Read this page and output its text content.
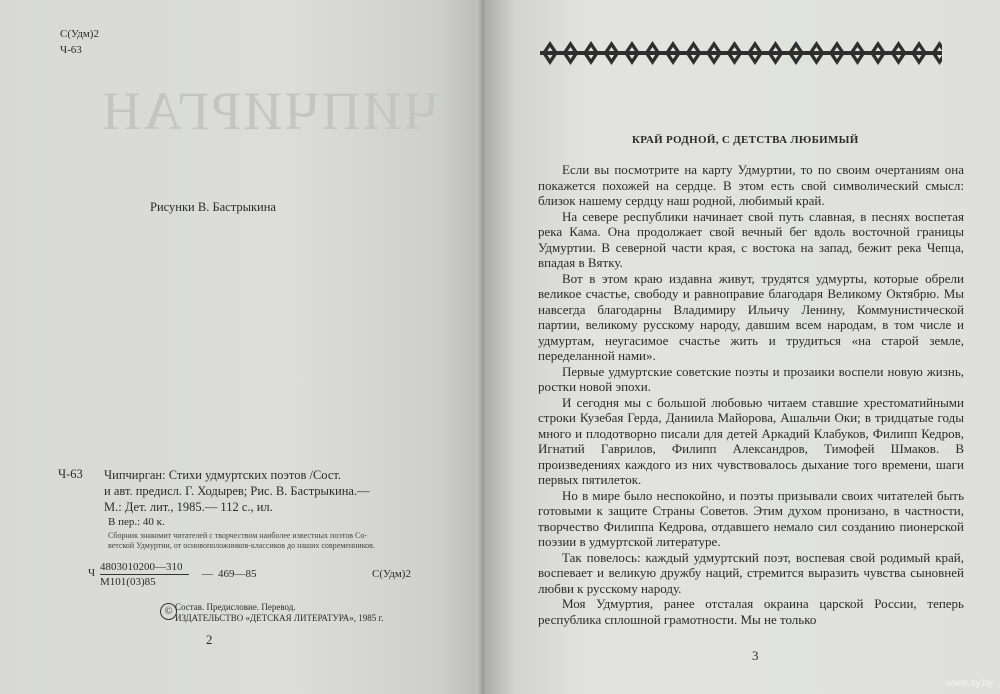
ЧИПЧИРГАН
С(Удм)2
Ч-63
Рисунки В. Бастрыкина
Ч-63 Чипчирган: Стихи удмуртских поэтов /Сост.
и авт. предисл. Г. Ходырев; Рис. В. Бастрыкина.—
М.: Дет. лит., 1985.— 112 с., ил.
В пер.: 40 к.
Сборник знакомит читателей с творчеством наиболее известных поэтов Со-
ветской Удмуртии, от основоположников-классиков до наших современников.
Ч 4803010200—310
М101(03)85
— 469—85	С(Удм)2
© Состав. Предисловие. Перевод.
ИЗДАТЕЛЬСТВО «ДЕТСКАЯ ЛИТЕРАТУРА», 1985 г.
2
КРАЙ РОДНОЙ, С ДЕТСТВА ЛЮБИМЫЙ

Если вы посмотрите на карту Удмуртии, то по своим очертаниям она покажется похожей на сердце. В этом есть свой символический смысл: близок нашему сердцу наш родной, любимый край.

На севере республики начинает свой путь славная, в песнях воспетая река Кама. Она продолжает свой вечный бег вдоль восточной границы Удмуртии. В северной части края, с востока на запад, бежит река Чепца, впадая в Вятку.

Вот в этом краю издавна живут, трудятся удмурты, которые обрели великое счастье, свободу и равноправие благодаря Великому Октябрю. Мы навсегда благодарны Владимиру Ильичу Ленину, Коммунистической партии, великому русскому народу, давшим всем народам, в том числе и удмуртам, неугасимое счастье жить и трудиться «на старой земле, переделанной нами».

Первые удмуртские советские поэты и прозаики воспели новую жизнь, ростки новой эпохи.

И сегодня мы с большой любовью читаем ставшие хрестоматийными строки Кузебая Герда, Даниила Майорова, Ашальчи Оки; в тридцатые годы много и плодотворно писали для детей Аркадий Клабуков, Филипп Кедров, Игнатий Гаврилов, Филипп Александров, Тимофей Шмаков. В произведениях каждого из них чувствовалось дыхание того времени, шаги первых пятилеток.

Но в мире было неспокойно, и поэты призывали своих читателей быть готовыми к защите Страны Советов. Этим духом пронизано, в частности, творчество Филиппа Кедрова, отдавшего немало сил созданию пионерской поэзии в удмуртской литературе.

Так повелось: каждый удмуртский поэт, воспевая свой родимый край, воспевает и великую дружбу наций, стремится выразить чувства сыновней любви к русскому народу.

Моя Удмуртия, ранее отсталая окраина царской России, теперь республика сплошной грамотности. Мы не только

3
www.ay.by
